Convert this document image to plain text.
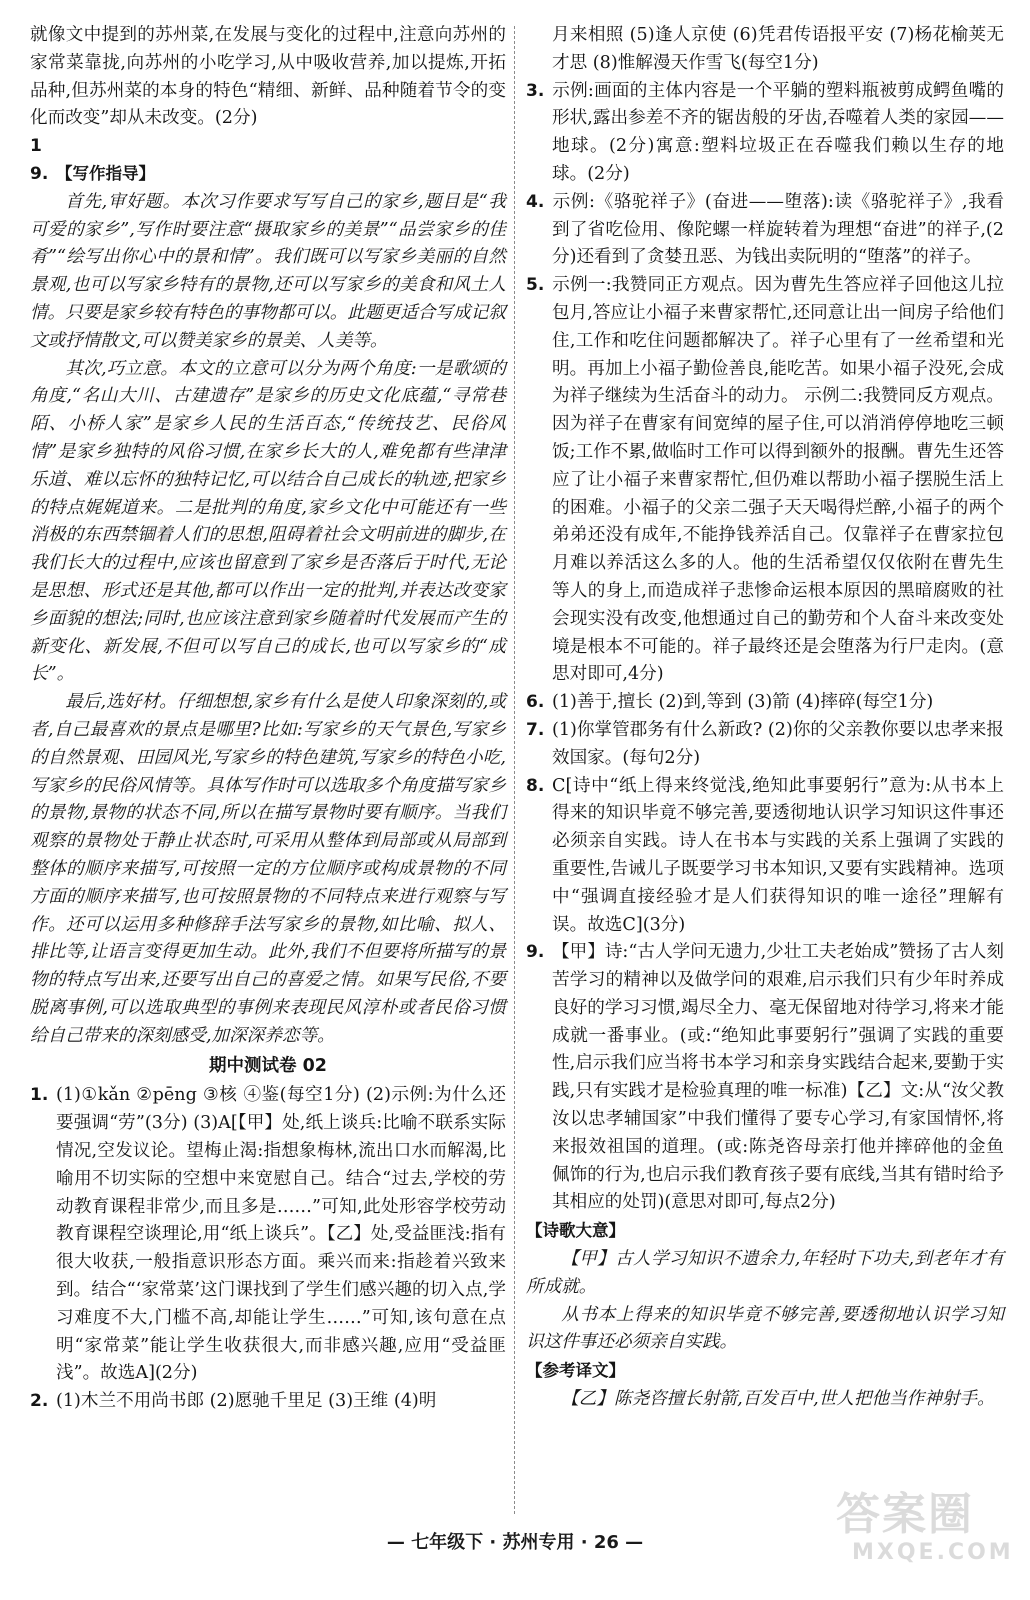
就像文中提到的苏州菜,在发展与变化的过程中,注意向苏州的家常菜靠拢,向苏州的小吃学习,从中吸收营养,加以提炼,开拓品种,但苏州菜的本身的特色“精细、新鲜、品种随着节令的变化而改变”却从未改变。(2分)

19. 【写作指导】

首先,审好题。本次习作要求写写自己的家乡,题目是“我可爱的家乡”,写作时要注意“摄取家乡的美景”“品尝家乡的佳肴”“绘写出你心中的景和情”。我们既可以写家乡美丽的自然景观,也可以写家乡特有的景物,还可以写家乡的美食和风土人情。只要是家乡较有特色的事物都可以。此题更适合写成记叙文或抒情散文,可以赞美家乡的景美、人美等。

其次,巧立意。本文的立意可以分为两个角度:一是歌颂的角度,“名山大川、古建遗存”是家乡的历史文化底蕴,“寻常巷陌、小桥人家”是家乡人民的生活百态,“传统技艺、民俗风情”是家乡独特的风俗习惯,在家乡长大的人,难免都有些津津乐道、难以忘怀的独特记忆,可以结合自己成长的轨迹,把家乡的特点娓娓道来。二是批判的角度,家乡文化中可能还有一些消极的东西禁锢着人们的思想,阻碍着社会文明前进的脚步,在我们长大的过程中,应该也留意到了家乡是否落后于时代,无论是思想、形式还是其他,都可以作出一定的批判,并表达改变家乡面貌的想法;同时,也应该注意到家乡随着时代发展而产生的新变化、新发展,不但可以写自己的成长,也可以写家乡的“成长”。

最后,选好材。仔细想想,家乡有什么是使人印象深刻的,或者,自己最喜欢的景点是哪里?比如:写家乡的天气景色,写家乡的自然景观、田园风光,写家乡的特色建筑,写家乡的特色小吃,写家乡的民俗风情等。具体写作时可以选取多个角度描写家乡的景物,景物的状态不同,所以在描写景物时要有顺序。当我们观察的景物处于静止状态时,可采用从整体到局部或从局部到整体的顺序来描写,可按照一定的方位顺序或构成景物的不同方面的顺序来描写,也可按照景物的不同特点来进行观察与写作。还可以运用多种修辞手法写家乡的景物,如比喻、拟人、排比等,让语言变得更加生动。此外,我们不但要将所描写的景物的特点写出来,还要写出自己的喜爱之情。如果写民俗,不要脱离事例,可以选取典型的事例来表现民风淳朴或者民俗习惯给自己带来的深刻感受,加深深养恋等。

期中测试卷 02

1. (1)①kǎn ②pēng ③核 ④鉴(每空1分) (2)示例:为什么还要强调“劳”(3分) (3)A[【甲】处,纸上谈兵:比喻不联系实际情况,空发议论。望梅止渴:指想象梅林,流出口水而解渴,比喻用不切实际的空想中来宽慰自己。结合“过去,学校的劳动教育课程非常少,而且多是……”可知,此处形容学校劳动教育课程空谈理论,用“纸上谈兵”。【乙】处,受益匪浅:指有很大收获,一般指意识形态方面。乘兴而来:指趁着兴致来到。结合“‘家常菜’这门课找到了学生们感兴趣的切入点,学习难度不大,门槛不高,却能让学生……”可知,该句意在点明“家常菜”能让学生收获很大,而非感兴趣,应用“受益匪浅”。故选A](2分)

2. (1)木兰不用尚书郎 (2)愿驰千里足 (3)王维 (4)明

月来相照 (5)逢人京使 (6)凭君传语报平安 (7)杨花榆荚无才思 (8)惟解漫天作雪飞(每空1分)

3. 示例:画面的主体内容是一个平躺的塑料瓶被剪成鳄鱼嘴的形状,露出参差不齐的锯齿般的牙齿,吞噬着人类的家园——地球。(2分)寓意:塑料垃圾正在吞噬我们赖以生存的地球。(2分)

4. 示例:《骆驼祥子》(奋进——堕落):读《骆驼祥子》,我看到了省吃俭用、像陀螺一样旋转着为理想“奋进”的祥子,(2分)还看到了贪婪丑恶、为钱出卖阮明的“堕落”的祥子。

5. 示例一:我赞同正方观点。因为曹先生答应祥子回他这儿拉包月,答应让小福子来曹家帮忙,还同意让出一间房子给他们住,工作和吃住问题都解决了。祥子心里有了一丝希望和光明。再加上小福子勤俭善良,能吃苦。如果小福子没死,会成为祥子继续为生活奋斗的动力。 示例二:我赞同反方观点。因为祥子在曹家有间宽绰的屋子住,可以消消停停地吃三顿饭;工作不累,做临时工作可以得到额外的报酬。曹先生还答应了让小福子来曹家帮忙,但仍难以帮助小福子摆脱生活上的困难。小福子的父亲二强子天天喝得烂醉,小福子的两个弟弟还没有成年,不能挣钱养活自己。仅靠祥子在曹家拉包月难以养活这么多的人。他的生活希望仅仅依附在曹先生等人的身上,而造成祥子悲惨命运根本原因的黑暗腐败的社会现实没有改变,他想通过自己的勤劳和个人奋斗来改变处境是根本不可能的。祥子最终还是会堕落为行尸走肉。(意思对即可,4分)

6. (1)善于,擅长 (2)到,等到 (3)箭 (4)摔碎(每空1分)

7. (1)你掌管郡务有什么新政? (2)你的父亲教你要以忠孝来报效国家。(每句2分)

8. C[诗中“纸上得来终觉浅,绝知此事要躬行”意为:从书本上得来的知识毕竟不够完善,要透彻地认识学习知识这件事还必须亲自实践。诗人在书本与实践的关系上强调了实践的重要性,告诫儿子既要学习书本知识,又要有实践精神。选项中“强调直接经验才是人们获得知识的唯一途径”理解有误。故选C](3分)

9. 【甲】诗:“古人学问无遗力,少壮工夫老始成”赞扬了古人刻苦学习的精神以及做学问的艰难,启示我们只有少年时养成良好的学习习惯,竭尽全力、毫无保留地对待学习,将来才能成就一番事业。(或:“绝知此事要躬行”强调了实践的重要性,启示我们应当将书本学习和亲身实践结合起来,要勤于实践,只有实践才是检验真理的唯一标准)【乙】文:从“汝父教汝以忠孝辅国家”中我们懂得了要专心学习,有家国情怀,将来报效祖国的道理。(或:陈尧咨母亲打他并摔碎他的金鱼佩饰的行为,也启示我们教育孩子要有底线,当其有错时给予其相应的处罚)(意思对即可,每点2分)

【诗歌大意】

【甲】古人学习知识不遗余力,年轻时下功夫,到老年才有所成就。

从书本上得来的知识毕竟不够完善,要透彻地认识学习知识这件事还必须亲自实践。

【参考译文】

【乙】陈尧咨擅长射箭,百发百中,世人把他当作神射手。

— 七年级下 · 苏州专用 · 26 —
答案圈
MXQE.COM
